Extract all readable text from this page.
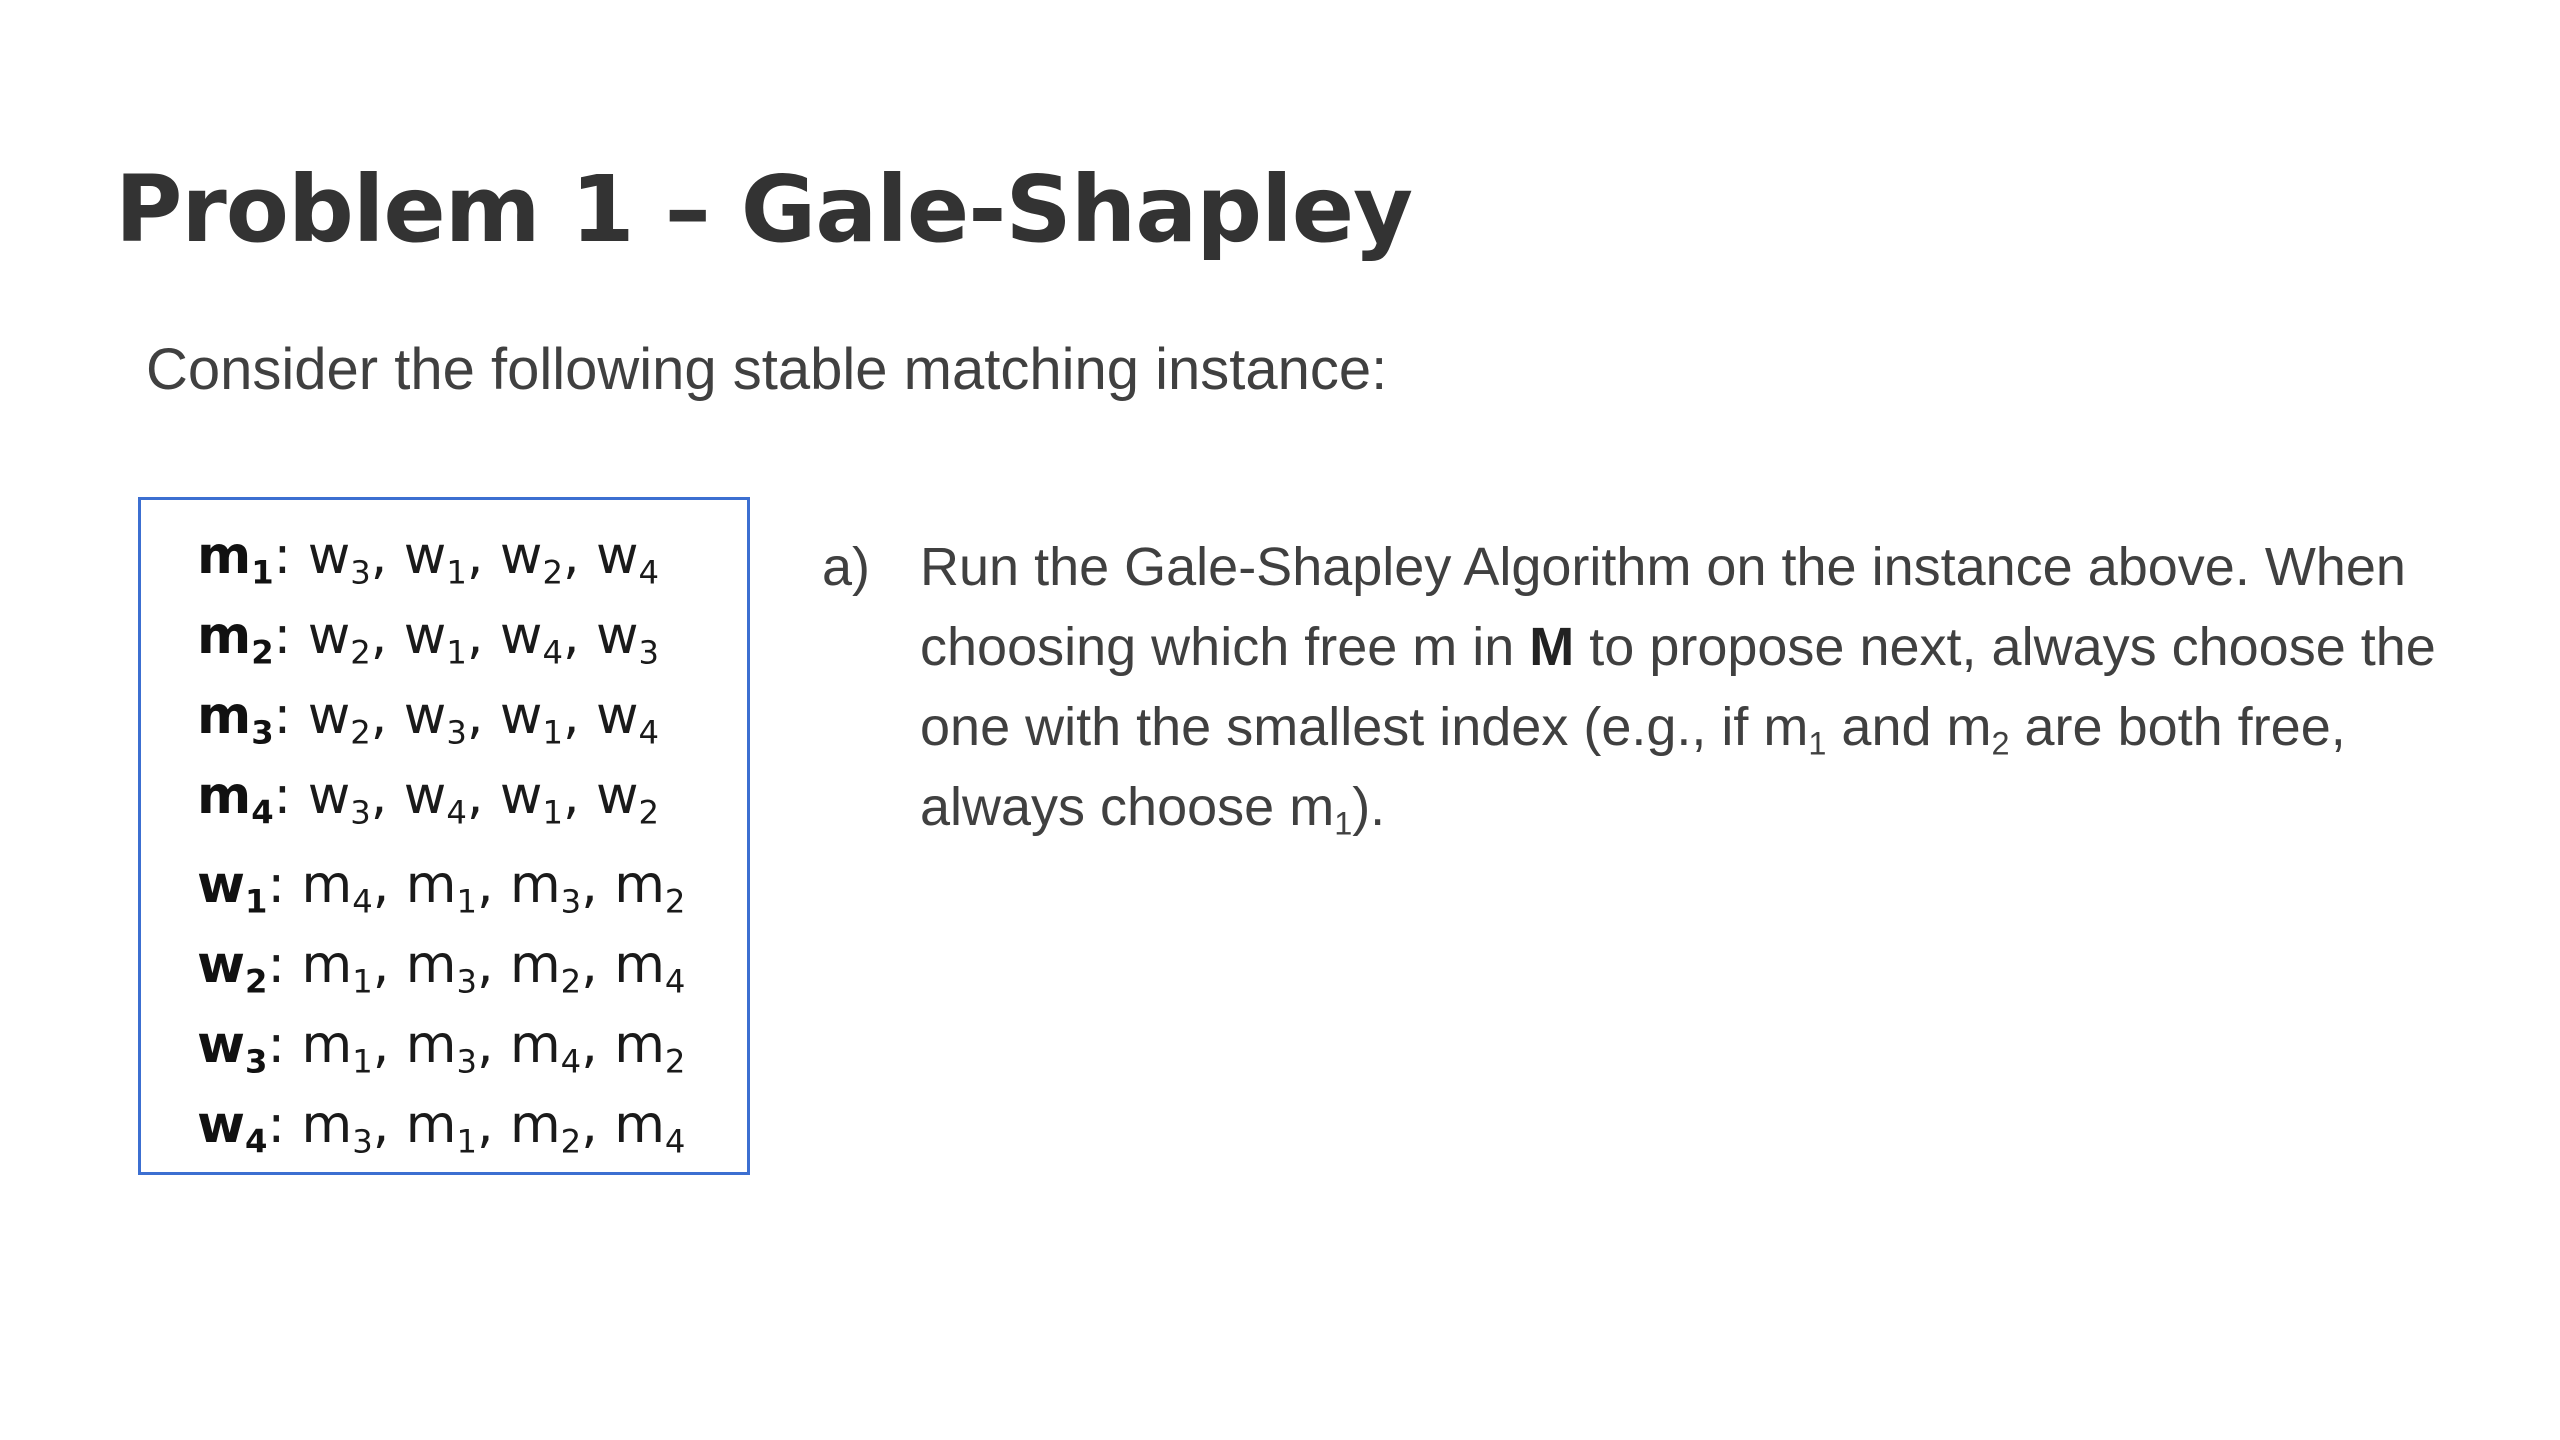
Problem 1 – Gale-Shapley

Consider the following stable matching instance:

$m_1$: $w_3$, $w_1$, $w_2$, $w_4$
$m_2$: $w_2$, $w_1$, $w_4$, $w_3$
$m_3$: $w_2$, $w_3$, $w_1$, $w_4$
$m_4$: $w_3$, $w_4$, $w_1$, $w_2$
$w_1$: $m_4$, $m_1$, $m_3$, $m_2$
$w_2$: $m_1$, $m_3$, $m_2$, $m_4$
$w_3$: $m_1$, $m_3$, $m_4$, $m_2$
$w_4$: $m_3$, $m_1$, $m_2$, $m_4$
a) Run the Gale-Shapley Algorithm on the instance above. When choosing which free m in M to propose next, always choose the one with the smallest index (e.g., if $m_1$ and $m_2$ are both free, always choose $m_1$).
